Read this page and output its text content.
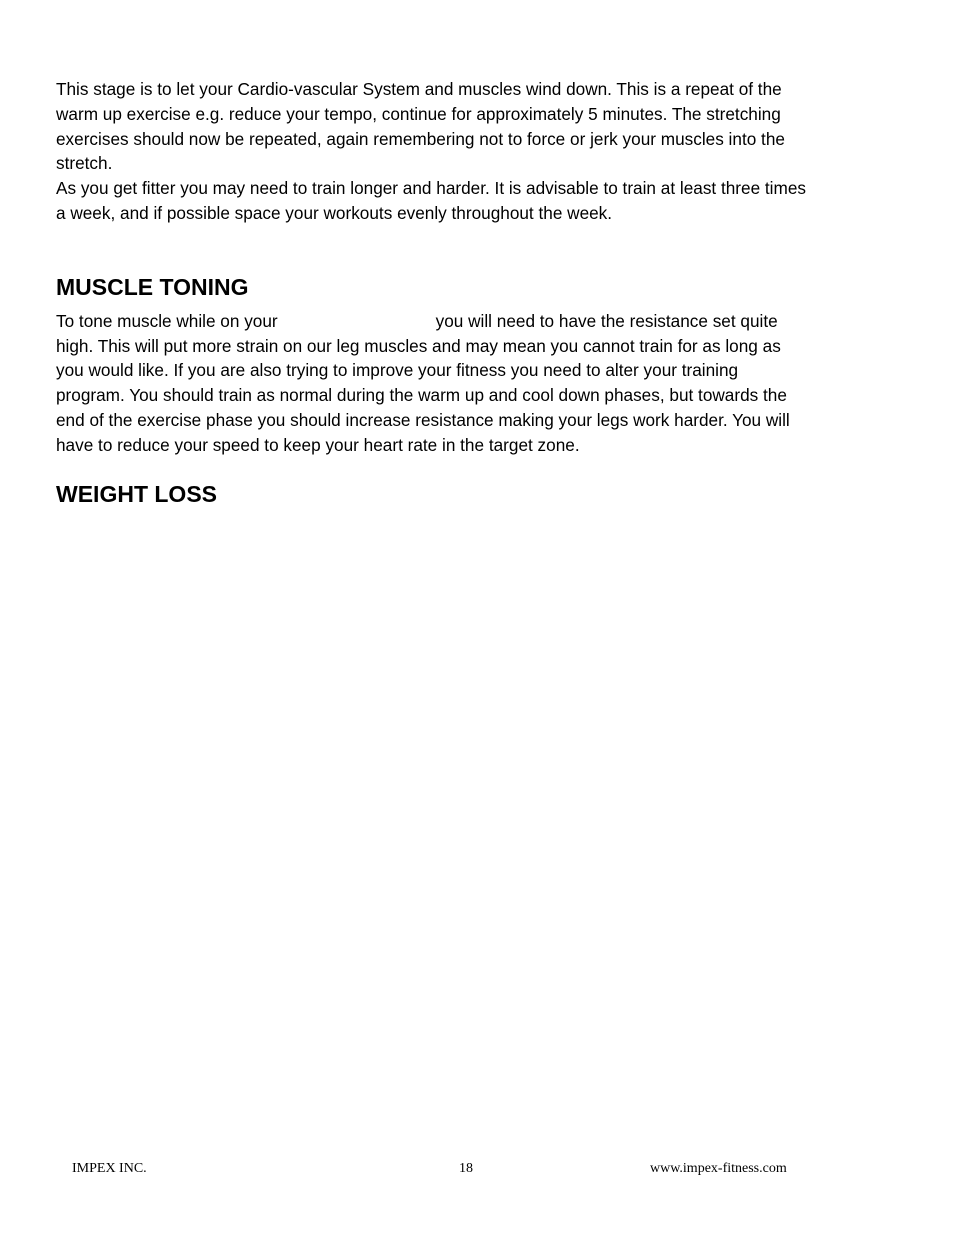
This stage is to let your Cardio-vascular System and muscles wind down. This is a repeat of the
warm up exercise e.g. reduce your tempo, continue for approximately 5 minutes. The stretching
exercises should now be repeated, again remembering not to force or jerk your muscles into the
stretch.

As you get fitter you may need to train longer and harder. It is advisable to train at least three times
a week, and if possible space your workouts evenly throughout the week.

MUSCLE TONING

To tone muscle while on your	you will need to have the resistance set quite
high. This will put more strain on our leg muscles and may mean you cannot train for as long as
you would like. If you are also trying to improve your fitness you need to alter your training
program. You should train as normal during the warm up and cool down phases, but towards the
end of the exercise phase you should increase resistance making your legs work harder. You will
have to reduce your speed to keep your heart rate in the target zone.

WEIGHT LOSS
IMPEX INC.	18	www.impex-fitness.com
